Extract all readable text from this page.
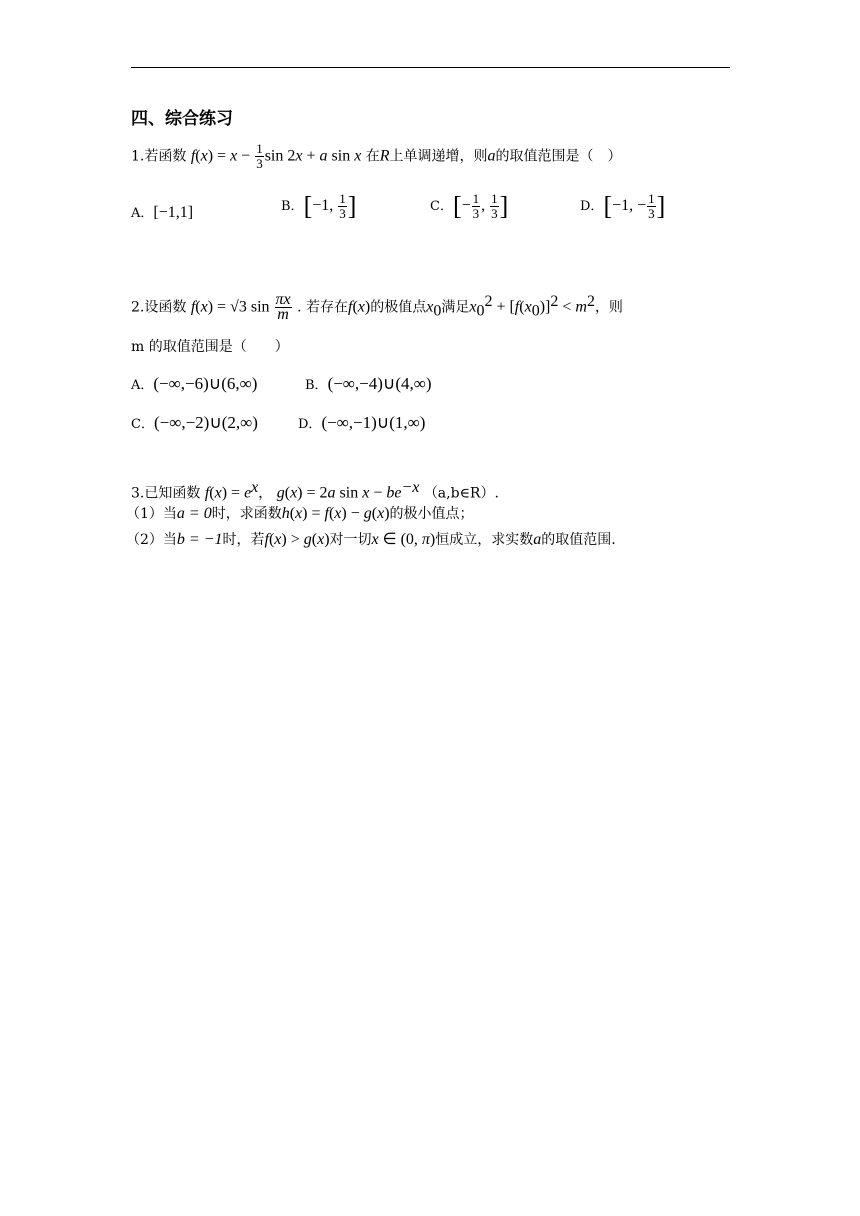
四、综合练习
1.若函数 $f(x) = x - \frac{1}{3}$ sin 2x + a sin x 在R上单调递增，则a的取值范围是（　）
A．[−1,1]	B．[−1, $\frac{1}{3}$ ]	C．[− $\frac{1}{3}$ , $\frac{1}{3}$ ]	D．[−1, − $\frac{1}{3}$ ]
2.设函数 f(x) = √3 $\sin \frac{\pi x}{m}$ . 若存在f(x)的极值点$x_0$满足$x_0^2 + [f(x_0)]^2 < m^2$，则
m 的取值范围是（　　）
A．(−∞,−6)∪(6,∞)	B．(−∞,−4)∪(4,∞)
C．(−∞,−2)∪(2,∞)	D．(−∞,−1)∪(1,∞)
3.已知函数 $f(x) = e^x$， g(x) = 2a $\sin x - be^{-x}$ （a,b∈R）.
（1）当a = 0时，求函数h(x) = f(x) − g(x)的极小值点；
（2）当b = −1时，若f(x) > g(x)对一切x ∈ (0, π)恒成立，求实数a的取值范围.
